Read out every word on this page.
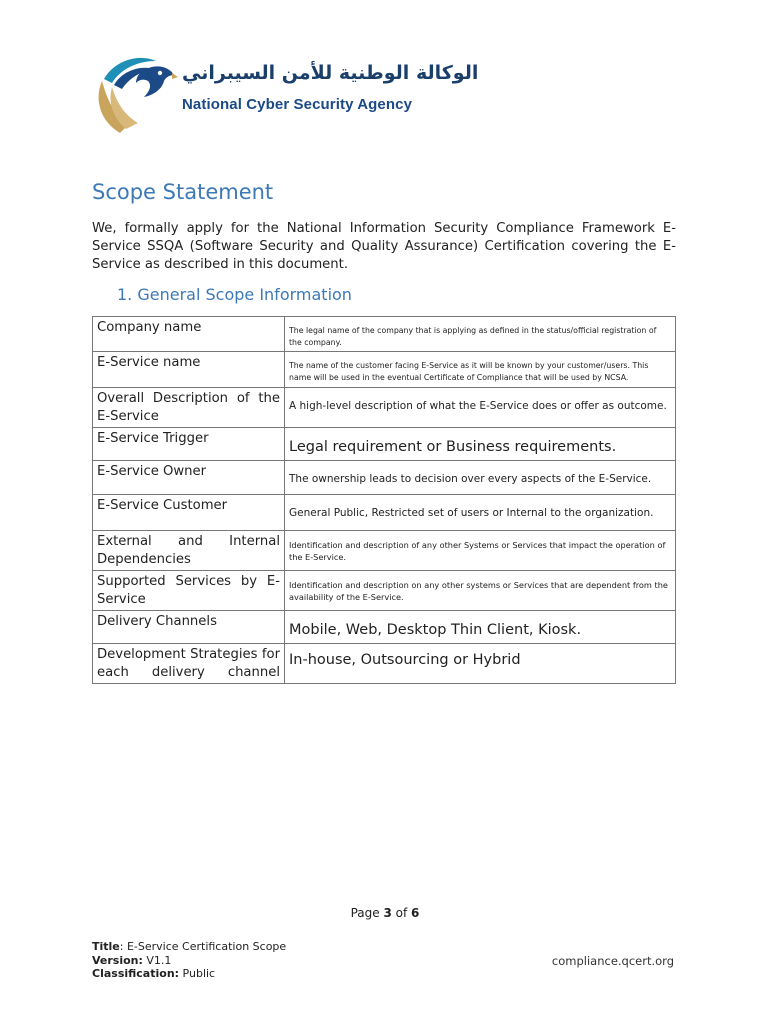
الوكالة الوطنية للأمن السيبراني
National Cyber Security Agency
Scope Statement

We, formally apply for the National Information Security Compliance Framework E-Service SSQA (Software Security and Quality Assurance) Certification covering the E-Service as described in this document.

1. General Scope Information
Company name	The legal name of the company that is applying as defined in the status/official registration of the company.

E-Service name	The name of the customer facing E-Service as it will be known by your customer/users. This name will be used in the eventual Certificate of Compliance that will be used by NCSA.

Overall Description of the E-Service	A high-level description of what the E-Service does or offer as outcome.

E-Service Trigger	Legal requirement or Business requirements.

E-Service Owner	The ownership leads to decision over every aspects of the E-Service.

E-Service Customer	General Public, Restricted set of users or Internal to the organization.

External and Internal Dependencies	Identification and description of any other Systems or Services that impact the operation of the E-Service.

Supported Services by E-Service	Identification and description on any other systems or Services that are dependent from the availability of the E-Service.

Delivery Channels	Mobile, Web, Desktop Thin Client, Kiosk.

Development Strategies for each delivery channel	In-house, Outsourcing or Hybrid
Page 3 of 6
Title: E-Service Certification Scope
Version: V1.1
Classification: Public
compliance.qcert.org
